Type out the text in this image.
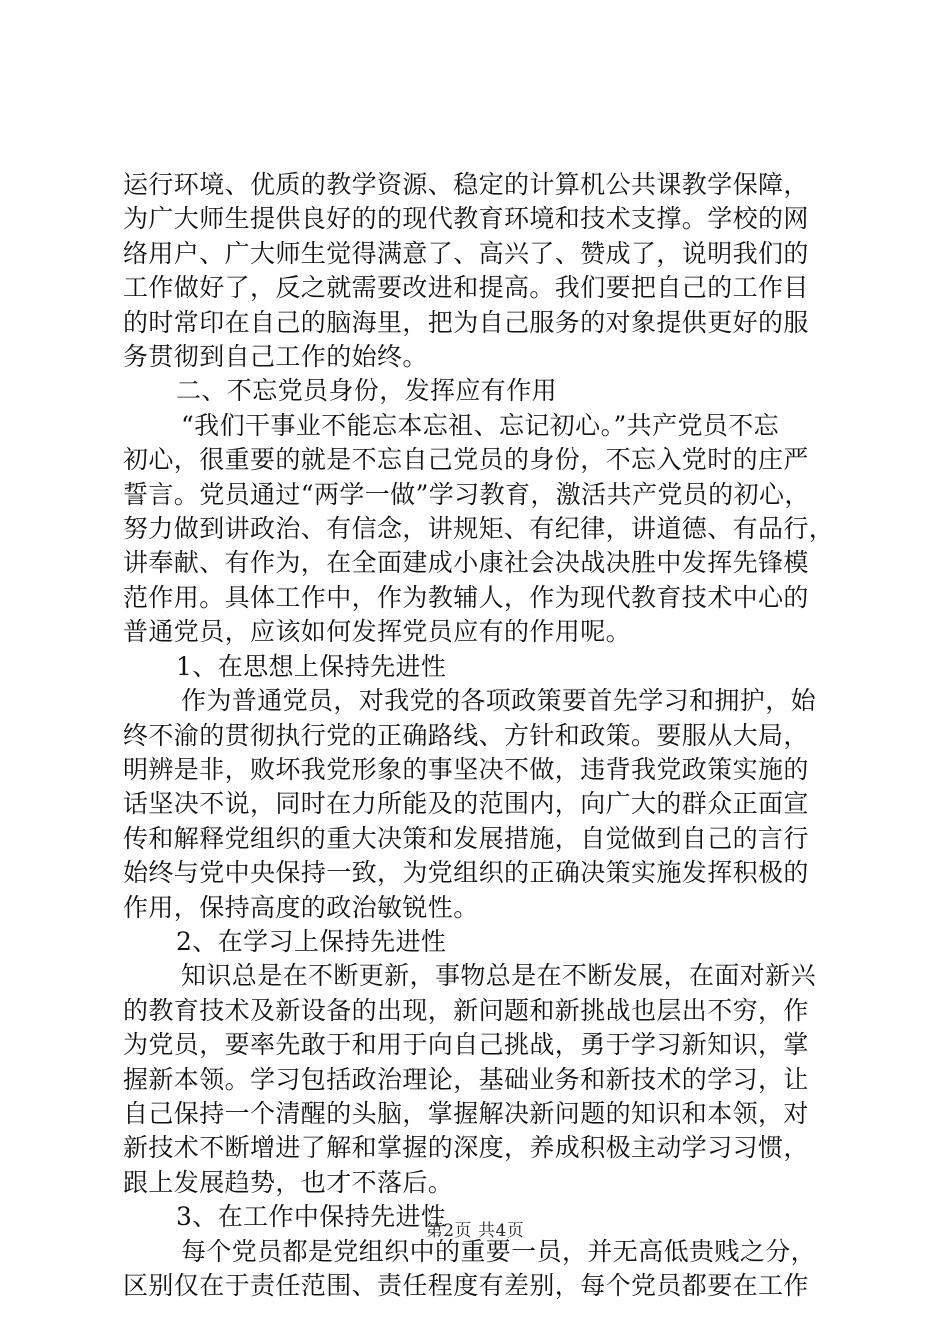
运行环境、优质的教学资源、稳定的计算机公共课教学保障，
为广大师生提供良好的的现代教育环境和技术支撑。学校的网
络用户、广大师生觉得满意了、高兴了、赞成了，说明我们的
工作做好了，反之就需要改进和提高。我们要把自己的工作目
的时常印在自己的脑海里，把为自己服务的对象提供更好的服
务贯彻到自己工作的始终。
二、不忘党员身份，发挥应有作用
“我们干事业不能忘本忘祖、忘记初心。”共产党员不忘
初心，很重要的就是不忘自己党员的身份，不忘入党时的庄严
誓言。党员通过“两学一做”学习教育，激活共产党员的初心，
努力做到讲政治、有信念，讲规矩、有纪律，讲道德、有品行，
讲奉献、有作为，在全面建成小康社会决战决胜中发挥先锋模
范作用。具体工作中，作为教辅人，作为现代教育技术中心的
普通党员，应该如何发挥党员应有的作用呢。
1、在思想上保持先进性
作为普通党员，对我党的各项政策要首先学习和拥护，始
终不渝的贯彻执行党的正确路线、方针和政策。要服从大局，
明辨是非，败坏我党形象的事坚决不做，违背我党政策实施的
话坚决不说，同时在力所能及的范围内，向广大的群众正面宣
传和解释党组织的重大决策和发展措施，自觉做到自己的言行
始终与党中央保持一致，为党组织的正确决策实施发挥积极的
作用，保持高度的政治敏锐性。
2、在学习上保持先进性
知识总是在不断更新，事物总是在不断发展，在面对新兴
的教育技术及新设备的出现，新问题和新挑战也层出不穷，作
为党员，要率先敢于和用于向自己挑战，勇于学习新知识，掌
握新本领。学习包括政治理论，基础业务和新技术的学习，让
自己保持一个清醒的头脑，掌握解决新问题的知识和本领，对
新技术不断增进了解和掌握的深度，养成积极主动学习习惯，
跟上发展趋势，也才不落后。
3、在工作中保持先进性
每个党员都是党组织中的重要一员，并无高低贵贱之分，
区别仅在于责任范围、责任程度有差别，每个党员都要在工作
第2页 共4页
